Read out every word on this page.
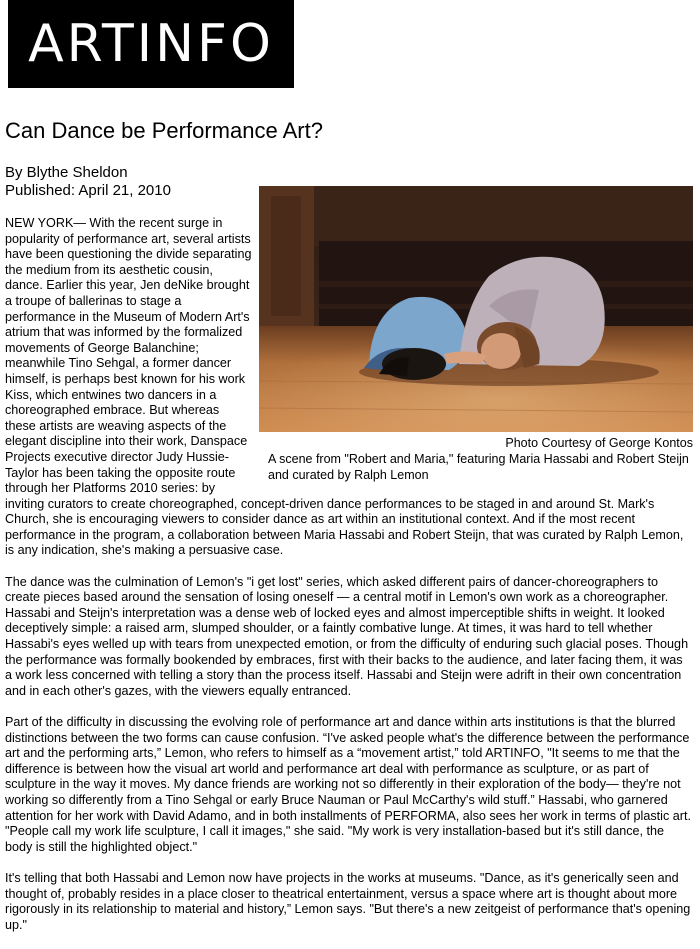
ARTINFO
Can Dance be Performance Art?
By Blythe Sheldon
Published: April 21, 2010
Photo Courtesy of George Kontos
A scene from "Robert and Maria," featuring Maria Hassabi and Robert Steijn and curated by Ralph Lemon

NEW YORK— With the recent surge in popularity of performance art, several artists have been questioning the divide separating the medium from its aesthetic cousin, dance. Earlier this year, Jen deNike brought a troupe of ballerinas to stage a performance in the Museum of Modern Art's atrium that was informed by the formalized movements of George Balanchine; meanwhile Tino Sehgal, a former dancer himself, is perhaps best known for his work Kiss, which entwines two dancers in a choreographed embrace. But whereas these artists are weaving aspects of the elegant discipline into their work, Danspace Projects executive director Judy Hussie-Taylor has been taking the opposite route through her Platforms 2010 series: by inviting curators to create choreographed, concept-driven dance performances to be staged in and around St. Mark's Church, she is encouraging viewers to consider dance as art within an institutional context. And if the most recent performance in the program, a collaboration between Maria Hassabi and Robert Steijn, that was curated by Ralph Lemon, is any indication, she's making a persuasive case.

The dance was the culmination of Lemon's "i get lost" series, which asked different pairs of dancer-choreographers to create pieces based around the sensation of losing oneself — a central motif in Lemon's own work as a choreographer. Hassabi and Steijn's interpretation was a dense web of locked eyes and almost imperceptible shifts in weight. It looked deceptively simple: a raised arm, slumped shoulder, or a faintly combative lunge. At times, it was hard to tell whether Hassabi's eyes welled up with tears from unexpected emotion, or from the difficulty of enduring such glacial poses. Though the performance was formally bookended by embraces, first with their backs to the audience, and later facing them, it was a work less concerned with telling a story than the process itself. Hassabi and Steijn were adrift in their own concentration and in each other's gazes, with the viewers equally entranced.

Part of the difficulty in discussing the evolving role of performance art and dance within arts institutions is that the blurred distinctions between the two forms can cause confusion. “I've asked people what's the difference between the performance art and the performing arts,” Lemon, who refers to himself as a “movement artist,” told ARTINFO, "It seems to me that the difference is between how the visual art world and performance art deal with performance as sculpture, or as part of sculpture in the way it moves. My dance friends are working not so differently in their exploration of the body— they're not working so differently from a Tino Sehgal or early Bruce Nauman or Paul McCarthy's wild stuff.” Hassabi, who garnered attention for her work with David Adamo, and in both installments of PERFORMA, also sees her work in terms of plastic art. "People call my work life sculpture, I call it images," she said. "My work is very installation-based but it's still dance, the body is still the highlighted object."

It's telling that both Hassabi and Lemon now have projects in the works at museums. "Dance, as it's generically seen and thought of, probably resides in a place closer to theatrical entertainment, versus a space where art is thought about more rigorously in its relationship to material and history,” Lemon says. "But there's a new zeitgeist of performance that's opening up."
